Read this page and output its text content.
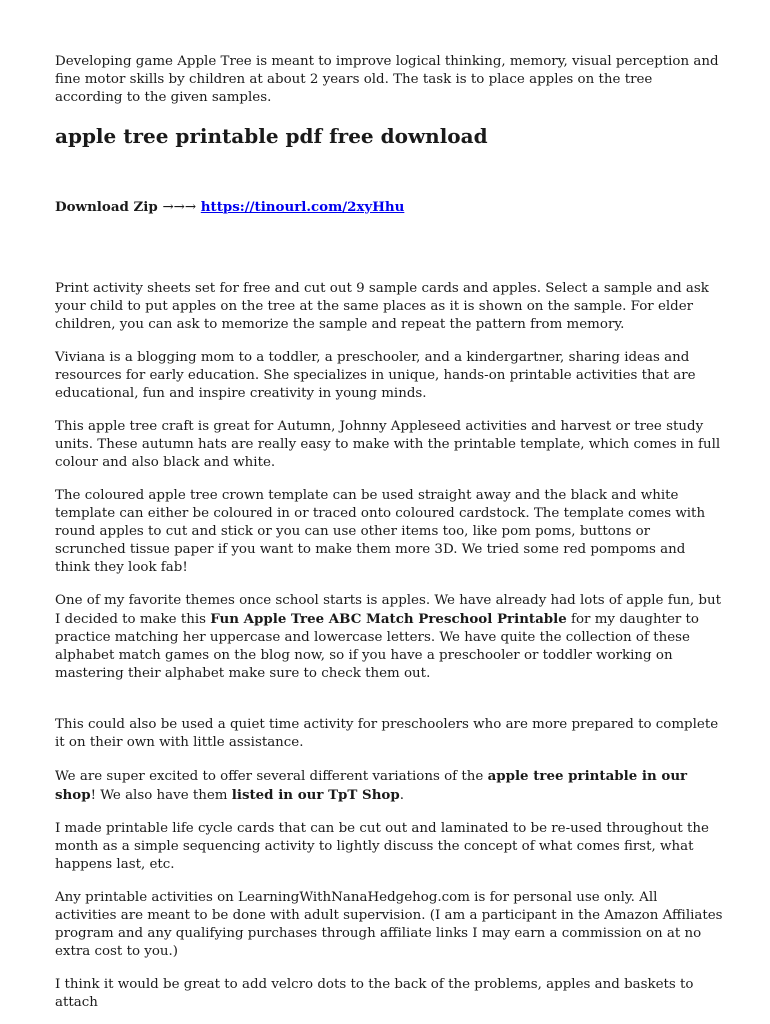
Developing game Apple Tree is meant to improve logical thinking, memory, visual perception and fine motor skills by children at about 2 years old. The task is to place apples on the tree according to the given samples.

apple tree printable pdf free download

Download Zip →→→ https://tinourl.com/2xyHhu

Print activity sheets set for free and cut out 9 sample cards and apples. Select a sample and ask your child to put apples on the tree at the same places as it is shown on the sample. For elder children, you can ask to memorize the sample and repeat the pattern from memory.

Viviana is a blogging mom to a toddler, a preschooler, and a kindergartner, sharing ideas and resources for early education. She specializes in unique, hands-on printable activities that are educational, fun and inspire creativity in young minds.

This apple tree craft is great for Autumn, Johnny Appleseed activities and harvest or tree study units. These autumn hats are really easy to make with the printable template, which comes in full colour and also black and white.

The coloured apple tree crown template can be used straight away and the black and white template can either be coloured in or traced onto coloured cardstock. The template comes with round apples to cut and stick or you can use other items too, like pom poms, buttons or scrunched tissue paper if you want to make them more 3D. We tried some red pompoms and think they look fab!

One of my favorite themes once school starts is apples. We have already had lots of apple fun, but I decided to make this Fun Apple Tree ABC Match Preschool Printable for my daughter to practice matching her uppercase and lowercase letters. We have quite the collection of these alphabet match games on the blog now, so if you have a preschooler or toddler working on mastering their alphabet make sure to check them out.

This could also be used a quiet time activity for preschoolers who are more prepared to complete it on their own with little assistance.

We are super excited to offer several different variations of the apple tree printable in our shop! We also have them listed in our TpT Shop.

I made printable life cycle cards that can be cut out and laminated to be re-used throughout the month as a simple sequencing activity to lightly discuss the concept of what comes first, what happens last, etc.

Any printable activities on LearningWithNanaHedgehog.com is for personal use only. All activities are meant to be done with adult supervision. (I am a participant in the Amazon Affiliates program and any qualifying purchases through affiliate links I may earn a commission on at no extra cost to you.)

I think it would be great to add velcro dots to the back of the problems, apples and baskets to attach
